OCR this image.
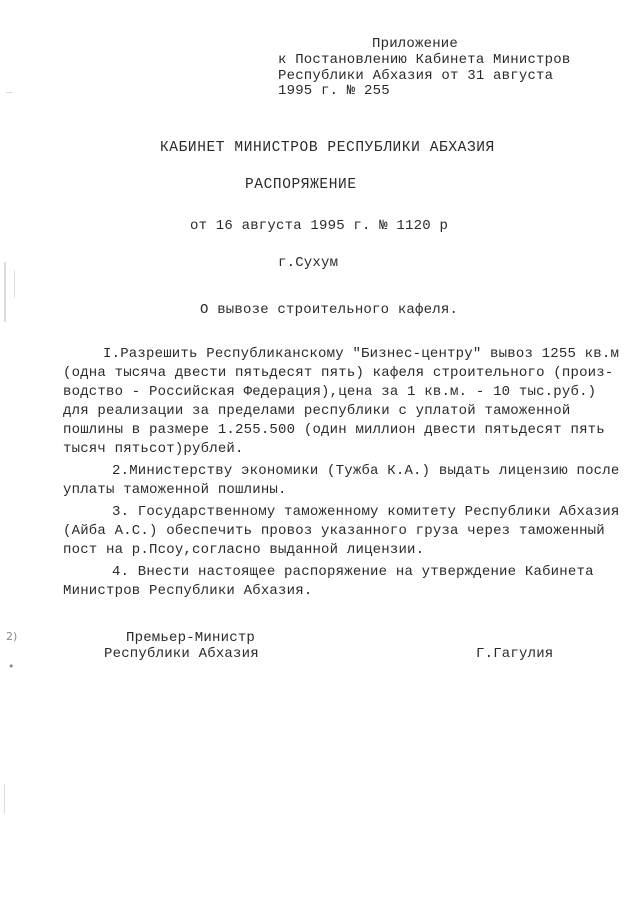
2)
•
Приложение
к Постановлению Кабинета Министров
Республики Абхазия от 31 августа
1995 г. № 255
КАБИНЕТ МИНИСТРОВ РЕСПУБЛИКИ АБХАЗИЯ
РАСПОРЯЖЕНИЕ
от 16 августа 1995 г. № 1120 р
г.Сухум
О вывозе строительного кафеля.
I.Разрешить Республиканскому "Бизнес-центру" вывоз 1255 кв.м
(одна тысяча двести пятьдесят пять) кафеля строительного (произ-
водство - Российская Федерация),цена за 1 кв.м. - 10 тыс.руб.)
для реализации за пределами республики с уплатой таможенной
пошлины в размере 1.255.500 (один миллион двести пятьдесят пять
тысяч пятьсот)рублей.
2.Министерству экономики (Тужба К.А.) выдать лицензию после
уплаты таможенной пошлины.
3. Государственному таможенному комитету Республики Абхазия
(Айба А.С.) обеспечить провоз указанного груза через таможенный
пост на р.Псоу,согласно выданной лицензии.
4. Внести настоящее распоряжение на утверждение Кабинета
Министров Республики Абхазия.
Премьер-Министр
Республики Абхазия	Г.Гагулия
